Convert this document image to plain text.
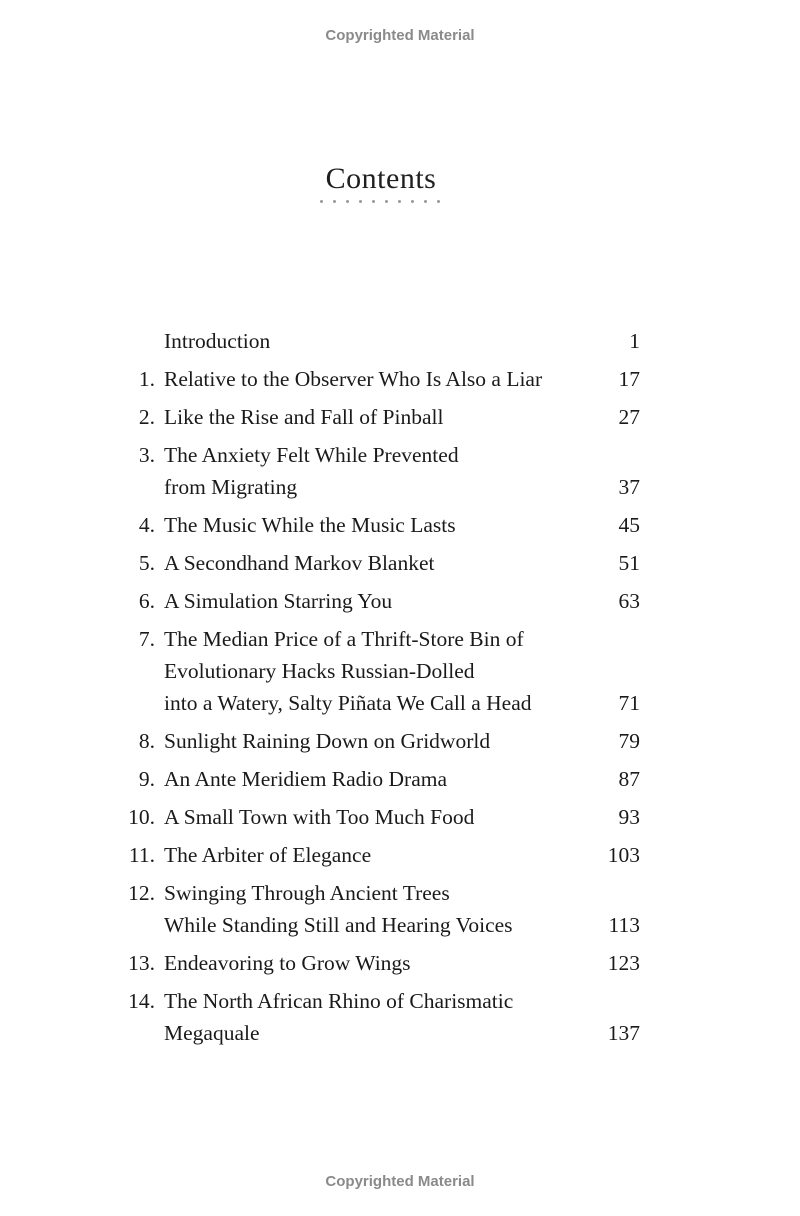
Copyrighted Material
Contents
Introduction	1
1. Relative to the Observer Who Is Also a Liar	17
2. Like the Rise and Fall of Pinball	27
3. The Anxiety Felt While Prevented
from Migrating	37
4. The Music While the Music Lasts	45
5. A Secondhand Markov Blanket	51
6. A Simulation Starring You	63
7. The Median Price of a Thrift-Store Bin of
Evolutionary Hacks Russian-Dolled
into a Watery, Salty Piñata We Call a Head	71
8. Sunlight Raining Down on Gridworld	79
9. An Ante Meridiem Radio Drama	87
10. A Small Town with Too Much Food	93
11. The Arbiter of Elegance	103
12. Swinging Through Ancient Trees
While Standing Still and Hearing Voices	113
13. Endeavoring to Grow Wings	123
14. The North African Rhino of Charismatic
Megaquale	137
Copyrighted Material
